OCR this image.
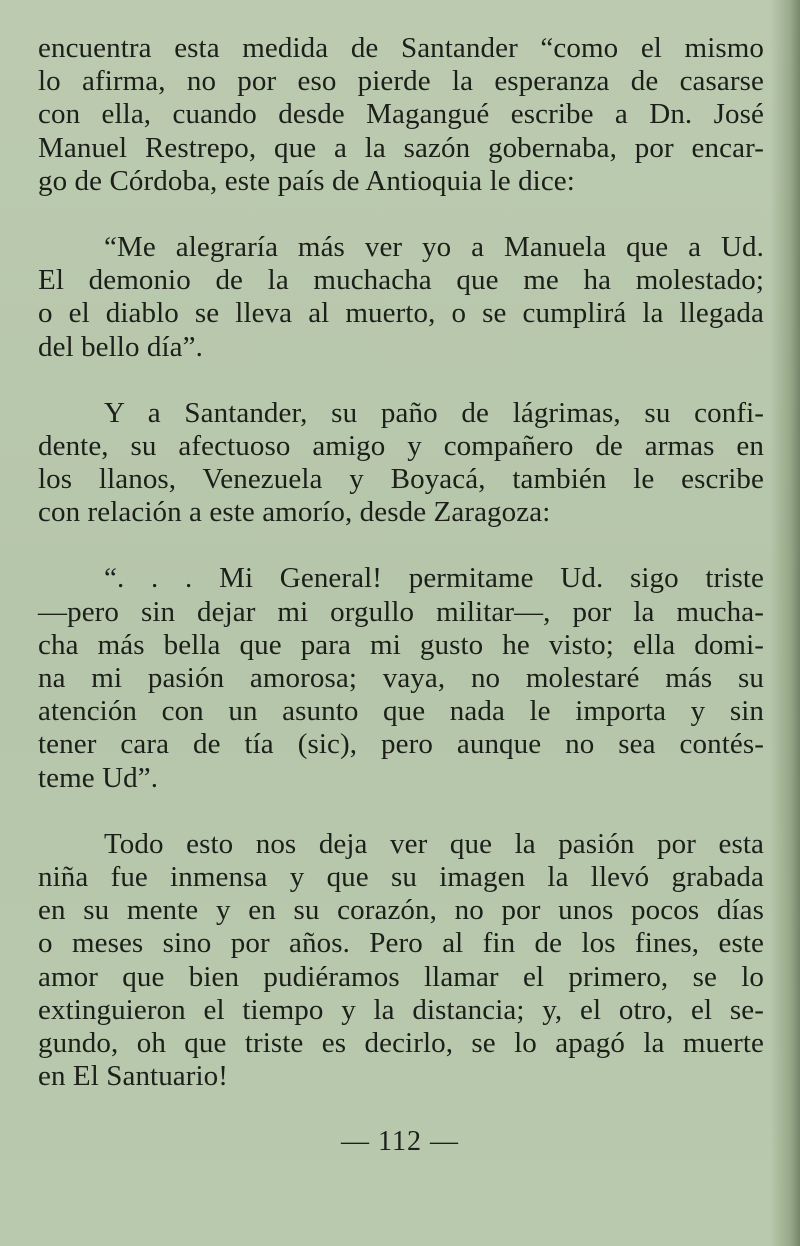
encuentra esta medida de Santander “como el mismo
lo afirma, no por eso pierde la esperanza de casarse
con ella, cuando desde Magangué escribe a Dn. José
Manuel Restrepo, que a la sazón gobernaba, por encar-
go de Córdoba, este país de Antioquia le dice:
“Me alegraría más ver yo a Manuela que a Ud.
El demonio de la muchacha que me ha molestado;
o el diablo se lleva al muerto, o se cumplirá la llegada
del bello día”.
Y a Santander, su paño de lágrimas, su confi-
dente, su afectuoso amigo y compañero de armas en
los llanos, Venezuela y Boyacá, también le escribe
con relación a este amorío, desde Zaragoza:
“. . . Mi General! permitame Ud. sigo triste
—pero sin dejar mi orgullo militar—, por la mucha-
cha más bella que para mi gusto he visto; ella domi-
na mi pasión amorosa; vaya, no molestaré más su
atención con un asunto que nada le importa y sin
tener cara de tía (sic), pero aunque no sea contés-
teme Ud”.
Todo esto nos deja ver que la pasión por esta
niña fue inmensa y que su imagen la llevó grabada
en su mente y en su corazón, no por unos pocos días
o meses sino por años. Pero al fin de los fines, este
amor que bien pudiéramos llamar el primero, se lo
extinguieron el tiempo y la distancia; y, el otro, el se-
gundo, oh que triste es decirlo, se lo apagó la muerte
en El Santuario!
— 112 —
